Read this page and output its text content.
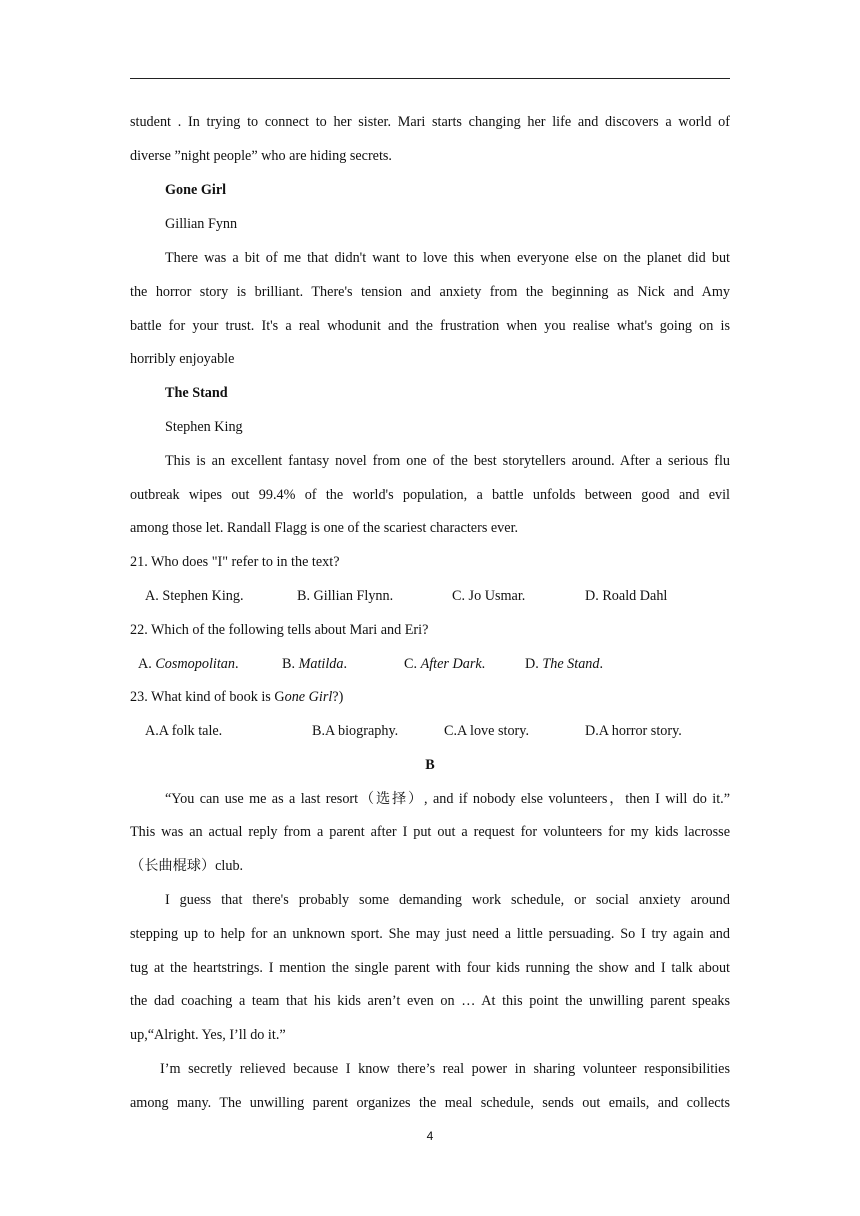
student . In trying to connect to her sister. Mari starts changing her life and discovers a world of
diverse ”night people” who are hiding secrets.
Gone Girl
Gillian Fynn
There was a bit of me that didn't want to love this when everyone else on the planet did but
the horror story is brilliant. There's tension and anxiety from the beginning as Nick and Amy
battle for your trust. It's a real whodunit and the frustration when you realise what's going on is
horribly enjoyable
The Stand
Stephen King
This is an excellent fantasy novel from one of the best storytellers around. After a serious flu
outbreak wipes out 99.4% of the world's population, a battle unfolds between good and evil
among those let. Randall Flagg is one of the scariest characters ever.
21. Who does "I" refer to in the text?
A. Stephen King.	B. Gillian Flynn.	C. Jo Usmar.	D. Roald Dahl
22. Which of the following tells about Mari and Eri?
A. Cosmopolitan.	B. Matilda.	C. After Dark.	D. The Stand.
23. What kind of book is Gone Girl?)
A.A folk tale.	B.A biography.	C.A love story.	D.A horror story.
B
“You can use me as a last resort（选择）, and if nobody else volunteers，then I will do it.”
This was an actual reply from a parent after I put out a request for volunteers for my kids lacrosse
（长曲棍球）club.
I guess that there's probably some demanding work schedule, or social anxiety around
stepping up to help for an unknown sport. She may just need a little persuading. So I try again and
tug at the heartstrings. I mention the single parent with four kids running the show and I talk about
the dad coaching a team that his kids aren’t even on … At this point the unwilling parent speaks
up,“Alright. Yes, I’ll do it.”
I’m secretly relieved because I know there’s real power in sharing volunteer responsibilities
among many. The unwilling parent organizes the meal schedule, sends out emails, and collects
4
